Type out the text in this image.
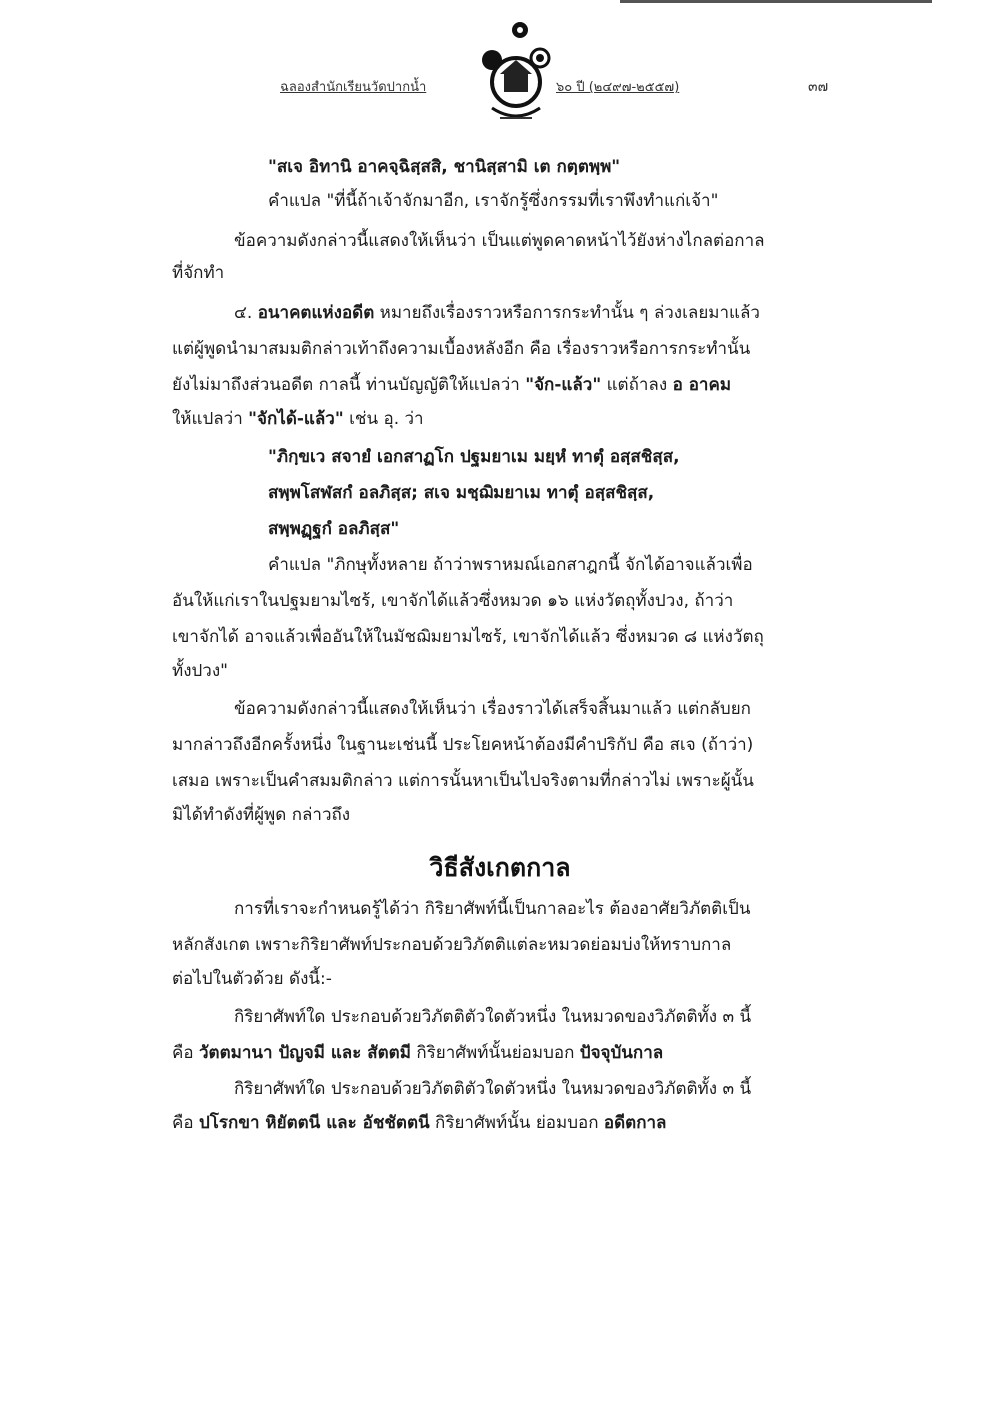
ฉลองสำนักเรียนวัดปากน้ำ	๖๐ ปี (๒๔๙๗-๒๕๕๗)	๓๗
"สเจ อิทานิ อาคจฺฉิสฺสสิ, ชานิสฺสามิ เต กตฺตพฺพ"
คำแปล "ที่นี้ถ้าเจ้าจักมาอีก, เราจักรู้ซึ่งกรรมที่เราพึงทำแก่เจ้า"
ข้อความดังกล่าวนี้แสดงให้เห็นว่า เป็นแต่พูดคาดหน้าไว้ยังห่างไกลต่อกาล
ที่จักทำ
๔. อนาคตแห่งอดีต หมายถึงเรื่องราวหรือการกระทำนั้น ๆ ล่วงเลยมาแล้ว
แต่ผู้พูดนำมาสมมติกล่าวเท้าถึงความเบื้องหลังอีก คือ เรื่องราวหรือการกระทำนั้น
ยังไม่มาถึงส่วนอดีต กาลนี้ ท่านบัญญัติให้แปลว่า "จัก-แล้ว" แต่ถ้าลง อ อาคม
ให้แปลว่า "จักได้-แล้ว" เช่น อุ. ว่า
"ภิกฺขเว สจายํ เอกสาฏโก ปฐมยาเม มยฺหํ ทาตุํ อสฺสชิสฺส,
สพฺพโสฬสกํ อลภิสฺส; สเจ มชฺฌิมยาเม ทาตุํ อสฺสชิสฺส,
สพฺพฏฺฐกํ อลภิสฺส"
คำแปล "ภิกษุทั้งหลาย ถ้าว่าพราหมณ์เอกสาฎกนี้ จักได้อาจแล้วเพื่อ
อันให้แก่เราในปฐมยามไซร้, เขาจักได้แล้วซึ่งหมวด ๑๖ แห่งวัตถุทั้งปวง, ถ้าว่า
เขาจักได้ อาจแล้วเพื่ออันให้ในมัชฌิมยามไซร้, เขาจักได้แล้ว ซึ่งหมวด ๘ แห่งวัตถุ
ทั้งปวง"
ข้อความดังกล่าวนี้แสดงให้เห็นว่า เรื่องราวได้เสร็จสิ้นมาแล้ว แต่กลับยก
มากล่าวถึงอีกครั้งหนึ่ง ในฐานะเช่นนี้ ประโยคหน้าต้องมีคำปริกัป คือ สเจ (ถ้าว่า)
เสมอ เพราะเป็นคำสมมติกล่าว แต่การนั้นหาเป็นไปจริงตามที่กล่าวไม่ เพราะผู้นั้น
มิได้ทำดังที่ผู้พูด กล่าวถึง
วิธีสังเกตกาล
การที่เราจะกำหนดรู้ได้ว่า กิริยาศัพท์นี้เป็นกาลอะไร ต้องอาศัยวิภัตติเป็น
หลักสังเกต เพราะกิริยาศัพท์ประกอบด้วยวิภัตติแต่ละหมวดย่อมบ่งให้ทราบกาล
ต่อไปในตัวด้วย ดังนี้:-
กิริยาศัพท์ใด ประกอบด้วยวิภัตติตัวใดตัวหนึ่ง ในหมวดของวิภัตติทั้ง ๓ นี้
คือ วัตตมานา ปัญจมี และ สัตตมี กิริยาศัพท์นั้นย่อมบอก ปัจจุบันกาล
กิริยาศัพท์ใด ประกอบด้วยวิภัตติตัวใดตัวหนึ่ง ในหมวดของวิภัตติทั้ง ๓ นี้
คือ ปโรกขา หิยัตตนี และ อัชชัตตนี กิริยาศัพท์นั้น ย่อมบอก อดีตกาล
